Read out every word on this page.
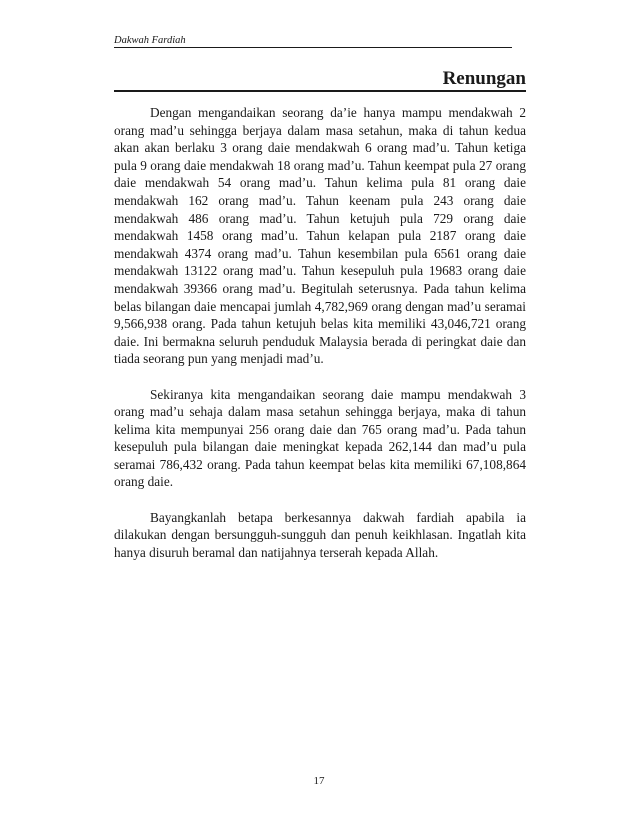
Dakwah Fardiah
Renungan

Dengan mengandaikan seorang da’ie hanya mampu mendakwah 2 orang mad’u sehingga berjaya dalam masa setahun, maka di tahun kedua akan akan berlaku 3 orang daie mendakwah 6 orang mad’u. Tahun ketiga pula 9 orang daie mendakwah 18 orang mad’u. Tahun keempat pula 27 orang daie mendakwah 54 orang mad’u. Tahun kelima pula 81 orang daie mendakwah 162 orang mad’u. Tahun keenam pula 243 orang daie mendakwah 486 orang mad’u. Tahun ketujuh pula 729 orang daie mendakwah 1458 orang mad’u. Tahun kelapan pula 2187 orang daie mendakwah 4374 orang mad’u. Tahun kesembilan pula 6561 orang daie mendakwah 13122 orang mad’u. Tahun kesepuluh pula 19683 orang daie mendakwah 39366 orang mad’u. Begitulah seterusnya. Pada tahun kelima belas bilangan daie mencapai jumlah 4,782,969 orang dengan mad’u seramai 9,566,938 orang. Pada tahun ketujuh belas kita memiliki 43,046,721 orang daie. Ini bermakna seluruh penduduk Malaysia berada di peringkat daie dan tiada seorang pun yang menjadi mad’u.

Sekiranya kita mengandaikan seorang daie mampu mendakwah 3 orang mad’u sehaja dalam masa setahun sehingga berjaya, maka di tahun kelima kita mempunyai 256 orang daie dan 765 orang mad’u. Pada tahun kesepuluh pula bilangan daie meningkat kepada 262,144 dan mad’u pula seramai 786,432 orang. Pada tahun keempat belas kita memiliki 67,108,864 orang daie.

Bayangkanlah betapa berkesannya dakwah fardiah apabila ia dilakukan dengan bersungguh-sungguh dan penuh keikhlasan. Ingatlah kita hanya disuruh beramal dan natijahnya terserah kepada Allah.

17
